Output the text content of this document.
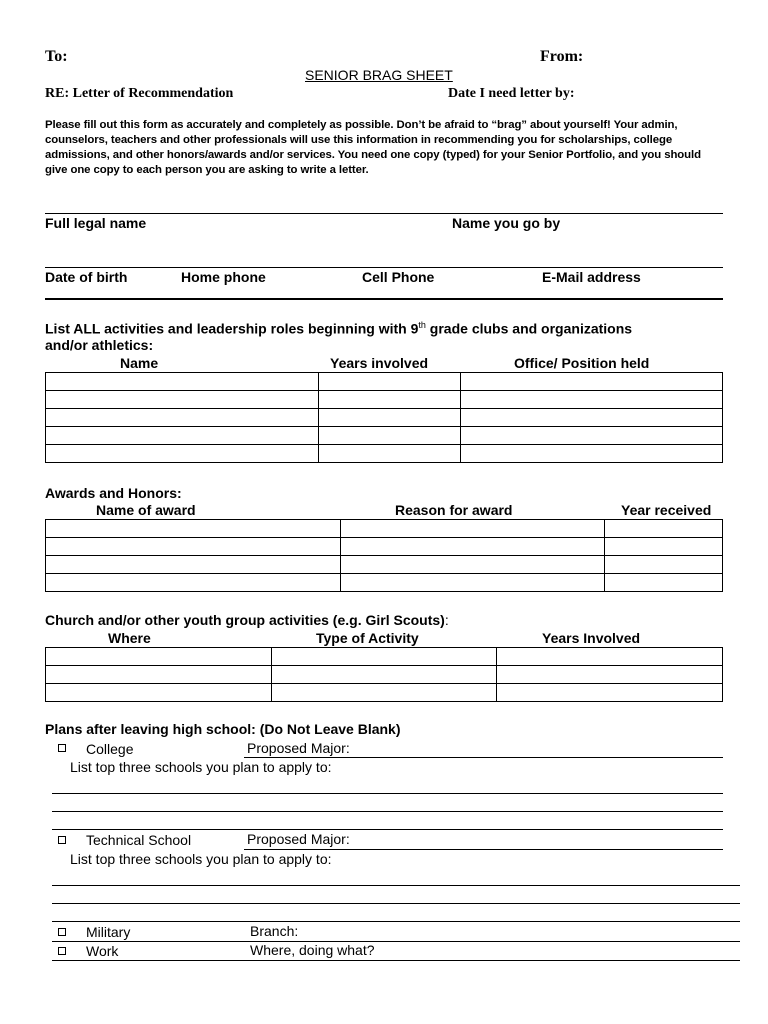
To:	From:
SENIOR BRAG SHEET
RE: Letter of Recommendation	Date I need letter by:
Please fill out this form as accurately and completely as possible. Don’t be afraid to “brag” about yourself! Your admin, counselors, teachers and other professionals will use this information in recommending you for scholarships, college admissions, and other honors/awards and/or services. You need one copy (typed) for your Senior Portfolio, and you should give one copy to each person you are asking to write a letter.
Full legal name	Name you go by
Date of birth	Home phone	Cell Phone	E-Mail address
List ALL activities and leadership roles beginning with 9th grade clubs and organizations
and/or athletics:
Name	Years involved	Office/ Position held

Awards and Honors:
Name of award	Reason for award	Year received

Church and/or other youth group activities (e.g. Girl Scouts):
Where	Type of Activity	Years Involved

Plans after leaving high school: (Do Not Leave Blank)
College	Proposed Major:
List top three schools you plan to apply to:
Technical School	Proposed Major:
List top three schools you plan to apply to:
Military	Branch:
Work	Where, doing what?
